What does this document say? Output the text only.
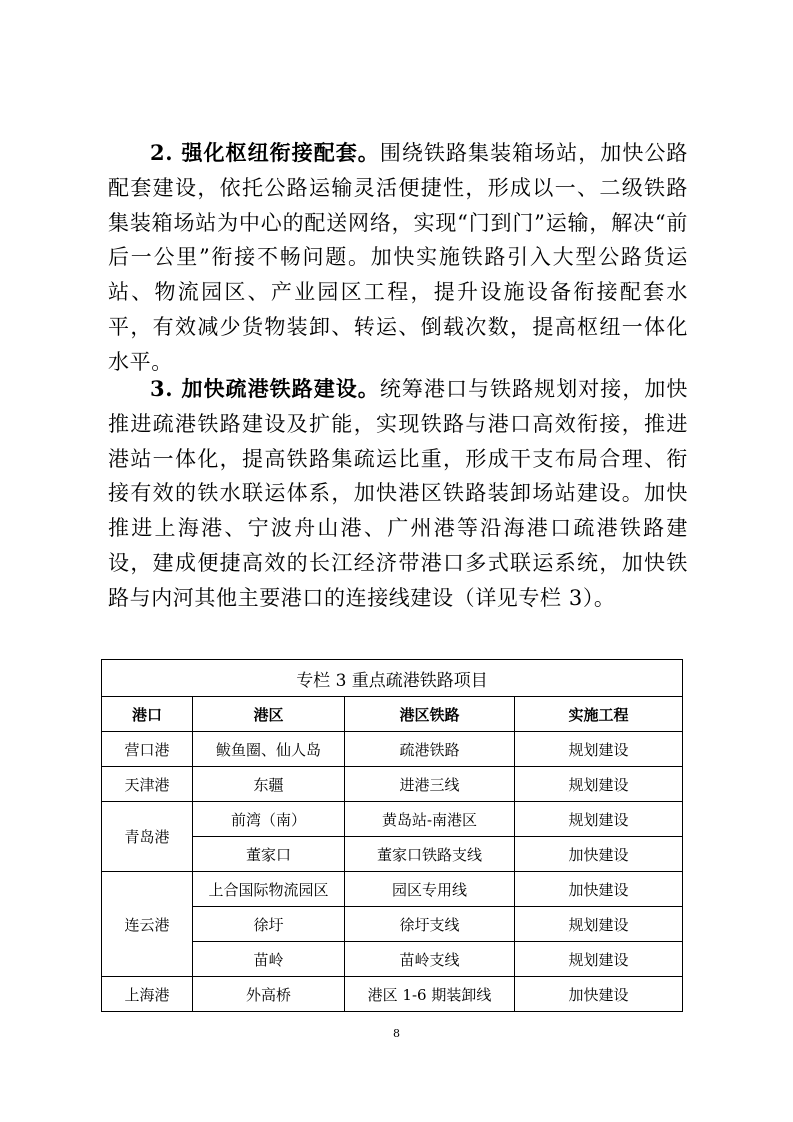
2. 强化枢纽衔接配套。围绕铁路集装箱场站，加快公路配套建设，依托公路运输灵活便捷性，形成以一、二级铁路集装箱场站为中心的配送网络，实现“门到门”运输，解决“前后一公里”衔接不畅问题。加快实施铁路引入大型公路货运站、物流园区、产业园区工程，提升设施设备衔接配套水平，有效减少货物装卸、转运、倒载次数，提高枢纽一体化水平。

3. 加快疏港铁路建设。统筹港口与铁路规划对接，加快推进疏港铁路建设及扩能，实现铁路与港口高效衔接，推进港站一体化，提高铁路集疏运比重，形成干支布局合理、衔接有效的铁水联运体系，加快港区铁路装卸场站建设。加快推进上海港、宁波舟山港、广州港等沿海港口疏港铁路建设，建成便捷高效的长江经济带港口多式联运系统，加快铁路与内河其他主要港口的连接线建设（详见专栏 3）。

专栏 3 重点疏港铁路项目			
港口	港区	港区铁路	实施工程
营口港	鲅鱼圈、仙人岛	疏港铁路	规划建设
天津港	东疆	进港三线	规划建设
青岛港	前湾（南）	黄岛站-南港区	规划建设
	董家口	董家口铁路支线	加快建设
连云港	上合国际物流园区	园区专用线	加快建设
	徐圩	徐圩支线	规划建设
	苗岭	苗岭支线	规划建设
上海港	外高桥	港区 1-6 期装卸线	加快建设
8
